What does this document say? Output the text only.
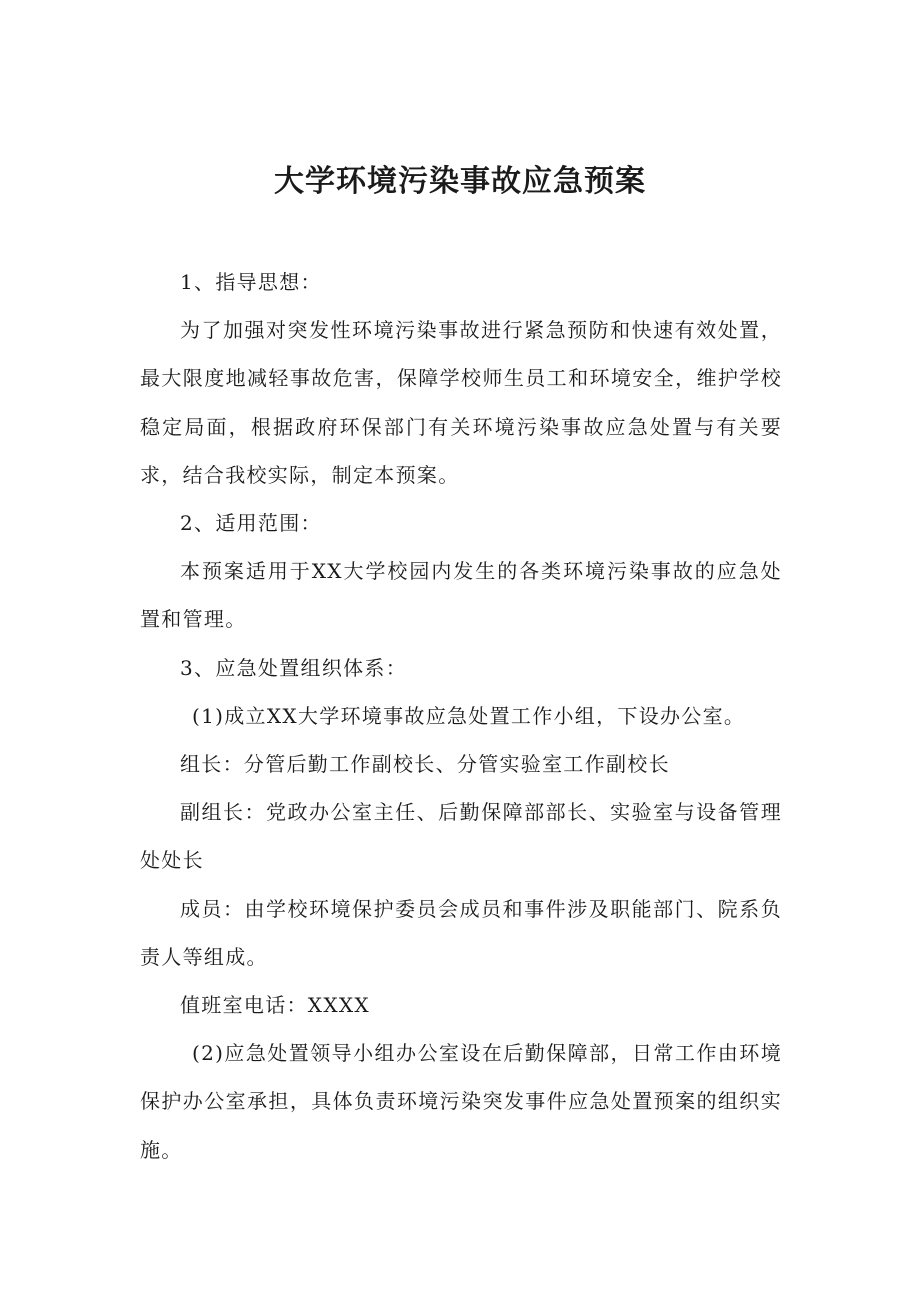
大学环境污染事故应急预案

1、指导思想：

为了加强对突发性环境污染事故进行紧急预防和快速有效处置，最大限度地减轻事故危害，保障学校师生员工和环境安全，维护学校稳定局面，根据政府环保部门有关环境污染事故应急处置与有关要求，结合我校实际，制定本预案。

2、适用范围：

本预案适用于XX大学校园内发生的各类环境污染事故的应急处置和管理。

3、应急处置组织体系：

(1)成立XX大学环境事故应急处置工作小组，下设办公室。

组长：分管后勤工作副校长、分管实验室工作副校长

副组长：党政办公室主任、后勤保障部部长、实验室与设备管理处处长

成员：由学校环境保护委员会成员和事件涉及职能部门、院系负责人等组成。

值班室电话：XXXX

(2)应急处置领导小组办公室设在后勤保障部，日常工作由环境保护办公室承担，具体负责环境污染突发事件应急处置预案的组织实施。
